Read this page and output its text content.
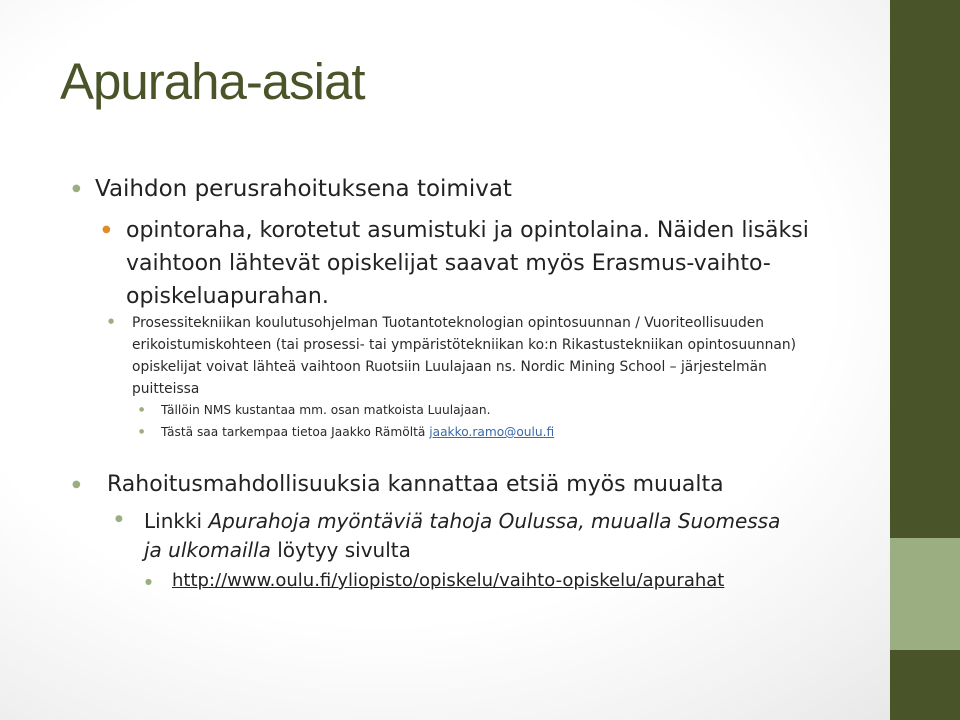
Apuraha-asiat
● Vaihdon perusrahoituksena toimivat
● opintoraha, korotetut asumistuki ja opintolaina. Näiden lisäksi
vaihtoon lähtevät opiskelijat saavat myös Erasmus-vaihto-
opiskeluapurahan.
● Prosessitekniikan koulutusohjelman Tuotantoteknologian opintosuunnan / Vuoriteollisuuden
erikoistumiskohteen (tai prosessi- tai ympäristötekniikan ko:n Rikastustekniikan opintosuunnan)
opiskelijat voivat lähteä vaihtoon Ruotsiin Luulajaan ns. Nordic Mining School – järjestelmän
puitteissa
● Tällöin NMS kustantaa mm. osan matkoista Luulajaan.
● Tästä saa tarkempaa tietoa Jaakko Rämöltä jaakko.ramo@oulu.fi
● Rahoitusmahdollisuuksia kannattaa etsiä myös muualta
● Linkki Apurahoja myöntäviä tahoja Oulussa, muualla Suomessa
ja ulkomailla löytyy sivulta
● http://www.oulu.fi/yliopisto/opiskelu/vaihto-opiskelu/apurahat
